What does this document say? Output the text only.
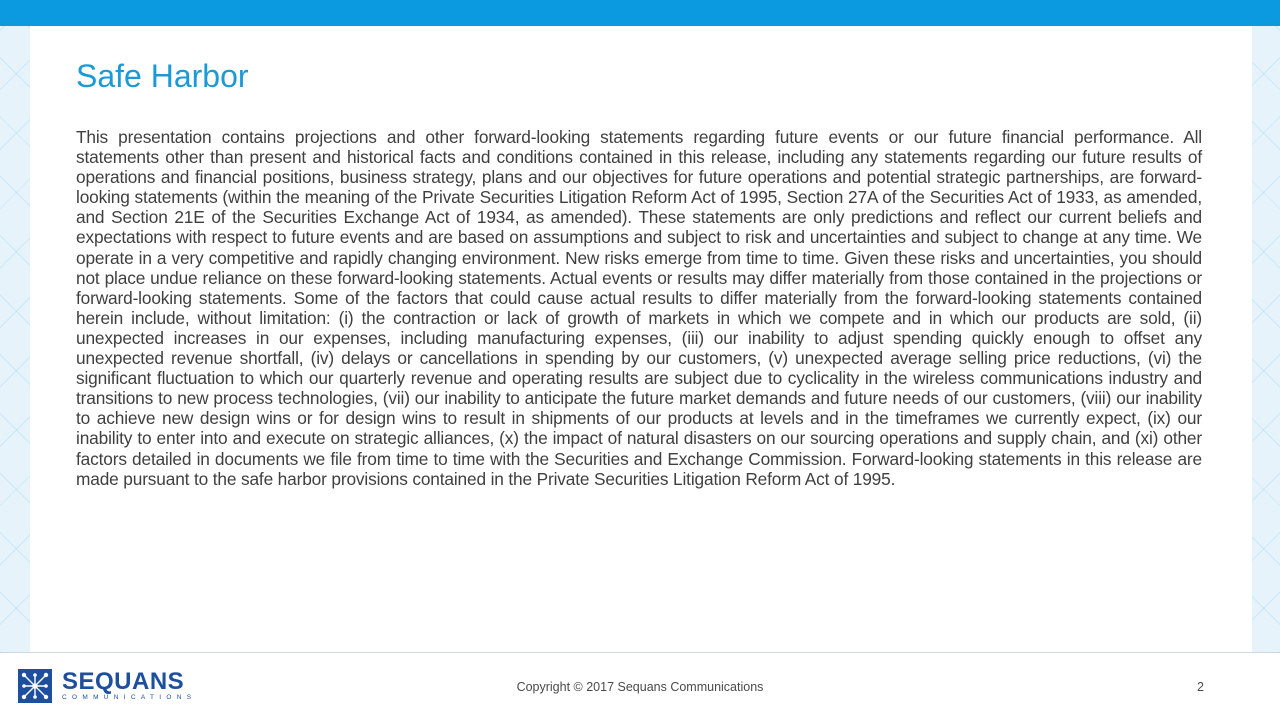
Safe Harbor

This presentation contains projections and other forward-looking statements regarding future events or our future financial performance. All statements other than present and historical facts and conditions contained in this release, including any statements regarding our future results of operations and financial positions, business strategy, plans and our objectives for future operations and potential strategic partnerships, are forward-looking statements (within the meaning of the Private Securities Litigation Reform Act of 1995, Section 27A of the Securities Act of 1933, as amended, and Section 21E of the Securities Exchange Act of 1934, as amended). These statements are only predictions and reflect our current beliefs and expectations with respect to future events and are based on assumptions and subject to risk and uncertainties and subject to change at any time. We operate in a very competitive and rapidly changing environment. New risks emerge from time to time. Given these risks and uncertainties, you should not place undue reliance on these forward-looking statements. Actual events or results may differ materially from those contained in the projections or forward-looking statements. Some of the factors that could cause actual results to differ materially from the forward-looking statements contained herein include, without limitation: (i) the contraction or lack of growth of markets in which we compete and in which our products are sold, (ii) unexpected increases in our expenses, including manufacturing expenses, (iii) our inability to adjust spending quickly enough to offset any unexpected revenue shortfall, (iv) delays or cancellations in spending by our customers, (v) unexpected average selling price reductions, (vi) the significant fluctuation to which our quarterly revenue and operating results are subject due to cyclicality in the wireless communications industry and transitions to new process technologies, (vii) our inability to anticipate the future market demands and future needs of our customers, (viii) our inability to achieve new design wins or for design wins to result in shipments of our products at levels and in the timeframes we currently expect, (ix) our inability to enter into and execute on strategic alliances, (x) the impact of natural disasters on our sourcing operations and supply chain, and (xi) other factors detailed in documents we file from time to time with the Securities and Exchange Commission. Forward-looking statements in this release are made pursuant to the safe harbor provisions contained in the Private Securities Litigation Reform Act of 1995.

SEQUANS
COMMUNICATIONS
Copyright © 2017 Sequans Communications	2
